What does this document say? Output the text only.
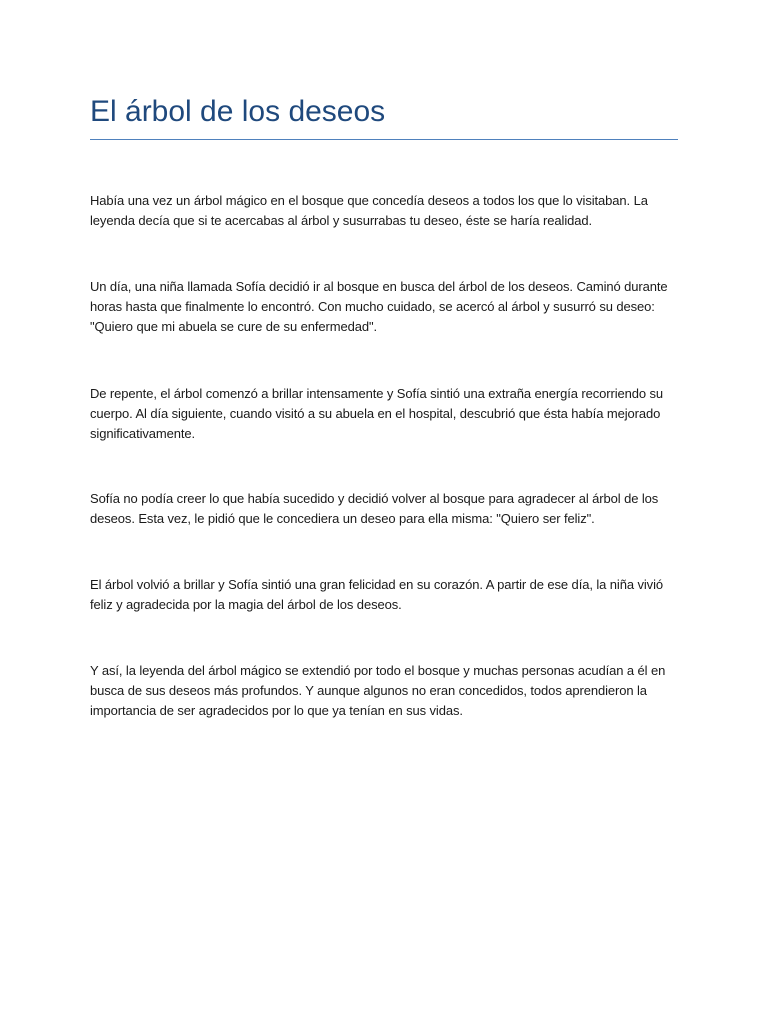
El árbol de los deseos

Había una vez un árbol mágico en el bosque que concedía deseos a todos los que lo visitaban. La leyenda decía que si te acercabas al árbol y susurrabas tu deseo, éste se haría realidad.

Un día, una niña llamada Sofía decidió ir al bosque en busca del árbol de los deseos. Caminó durante horas hasta que finalmente lo encontró. Con mucho cuidado, se acercó al árbol y susurró su deseo: "Quiero que mi abuela se cure de su enfermedad".

De repente, el árbol comenzó a brillar intensamente y Sofía sintió una extraña energía recorriendo su cuerpo. Al día siguiente, cuando visitó a su abuela en el hospital, descubrió que ésta había mejorado significativamente.

Sofía no podía creer lo que había sucedido y decidió volver al bosque para agradecer al árbol de los deseos. Esta vez, le pidió que le concediera un deseo para ella misma: "Quiero ser feliz".

El árbol volvió a brillar y Sofía sintió una gran felicidad en su corazón. A partir de ese día, la niña vivió feliz y agradecida por la magia del árbol de los deseos.

Y así, la leyenda del árbol mágico se extendió por todo el bosque y muchas personas acudían a él en busca de sus deseos más profundos. Y aunque algunos no eran concedidos, todos aprendieron la importancia de ser agradecidos por lo que ya tenían en sus vidas.
